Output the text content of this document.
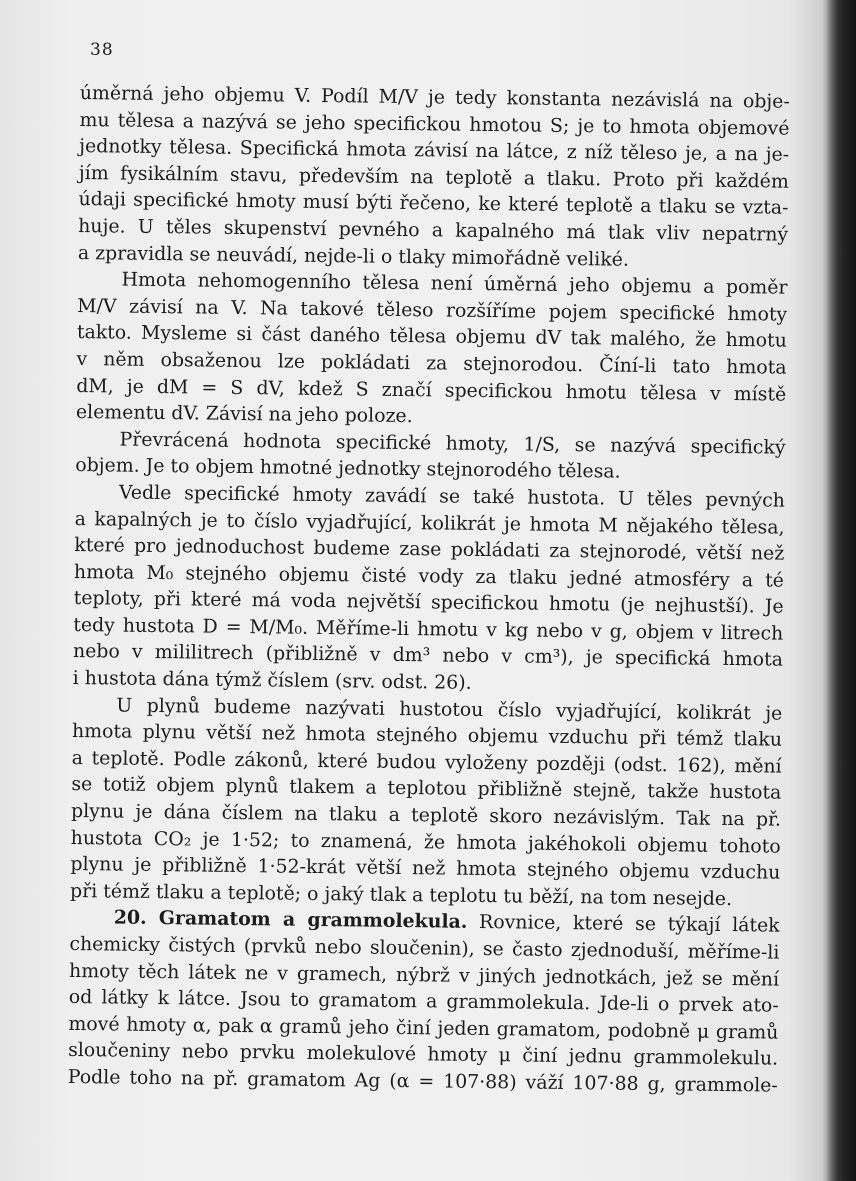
38
úměrná jeho objemu V. Podíl M/V je tedy konstanta nezávislá na obje-
mu tělesa a nazývá se jeho specifickou hmotou S; je to hmota objemové
jednotky tělesa. Specifická hmota závisí na látce, z níž těleso je, a na je-
jím fysikálním stavu, především na teplotě a tlaku. Proto při každém
údaji specifické hmoty musí býti řečeno, ke které teplotě a tlaku se vzta-
huje. U těles skupenství pevného a kapalného má tlak vliv nepatrný
a zpravidla se neuvádí, nejde-li o tlaky mimořádně veliké.
Hmota nehomogenního tělesa není úměrná jeho objemu a poměr
M/V závisí na V. Na takové těleso rozšíříme pojem specifické hmoty
takto. Mysleme si část daného tělesa objemu dV tak malého, že hmotu
v něm obsaženou lze pokládati za stejnorodou. Číní-li tato hmota
dM, je dM = S dV, kdež S značí specifickou hmotu tělesa v místě
elementu dV. Závisí na jeho poloze.
Převrácená hodnota specifické hmoty, 1/S, se nazývá specifický
objem. Je to objem hmotné jednotky stejnorodého tělesa.
Vedle specifické hmoty zavádí se také hustota. U těles pevných
a kapalných je to číslo vyjadřující, kolikrát je hmota M nějakého tělesa,
které pro jednoduchost budeme zase pokládati za stejnorodé, větší než
hmota M₀ stejného objemu čisté vody za tlaku jedné atmosféry a té
teploty, při které má voda největší specifickou hmotu (je nejhustší). Je
tedy hustota D = M/M₀. Měříme-li hmotu v kg nebo v g, objem v litrech
nebo v mililitrech (přibližně v dm³ nebo v cm³), je specifická hmota
i hustota dána týmž číslem (srv. odst. 26).
U plynů budeme nazývati hustotou číslo vyjadřující, kolikrát je
hmota plynu větší než hmota stejného objemu vzduchu při témž tlaku
a teplotě. Podle zákonů, které budou vyloženy později (odst. 162), mění
se totiž objem plynů tlakem a teplotou přibližně stejně, takže hustota
plynu je dána číslem na tlaku a teplotě skoro nezávislým. Tak na př.
hustota CO₂ je 1·52; to znamená, že hmota jakéhokoli objemu tohoto
plynu je přibližně 1·52-krát větší než hmota stejného objemu vzduchu
při témž tlaku a teplotě; o jaký tlak a teplotu tu běží, na tom nesejde.
20. Gramatom a grammolekula. Rovnice, které se týkají látek
chemicky čistých (prvků nebo sloučenin), se často zjednoduší, měříme-li
hmoty těch látek ne v gramech, nýbrž v jiných jednotkách, jež se mění
od látky k látce. Jsou to gramatom a grammolekula. Jde-li o prvek ato-
mové hmoty α, pak α gramů jeho činí jeden gramatom, podobně μ gramů
sloučeniny nebo prvku molekulové hmoty μ činí jednu grammolekulu.
Podle toho na př. gramatom Ag (α = 107·88) váží 107·88 g, grammole-
